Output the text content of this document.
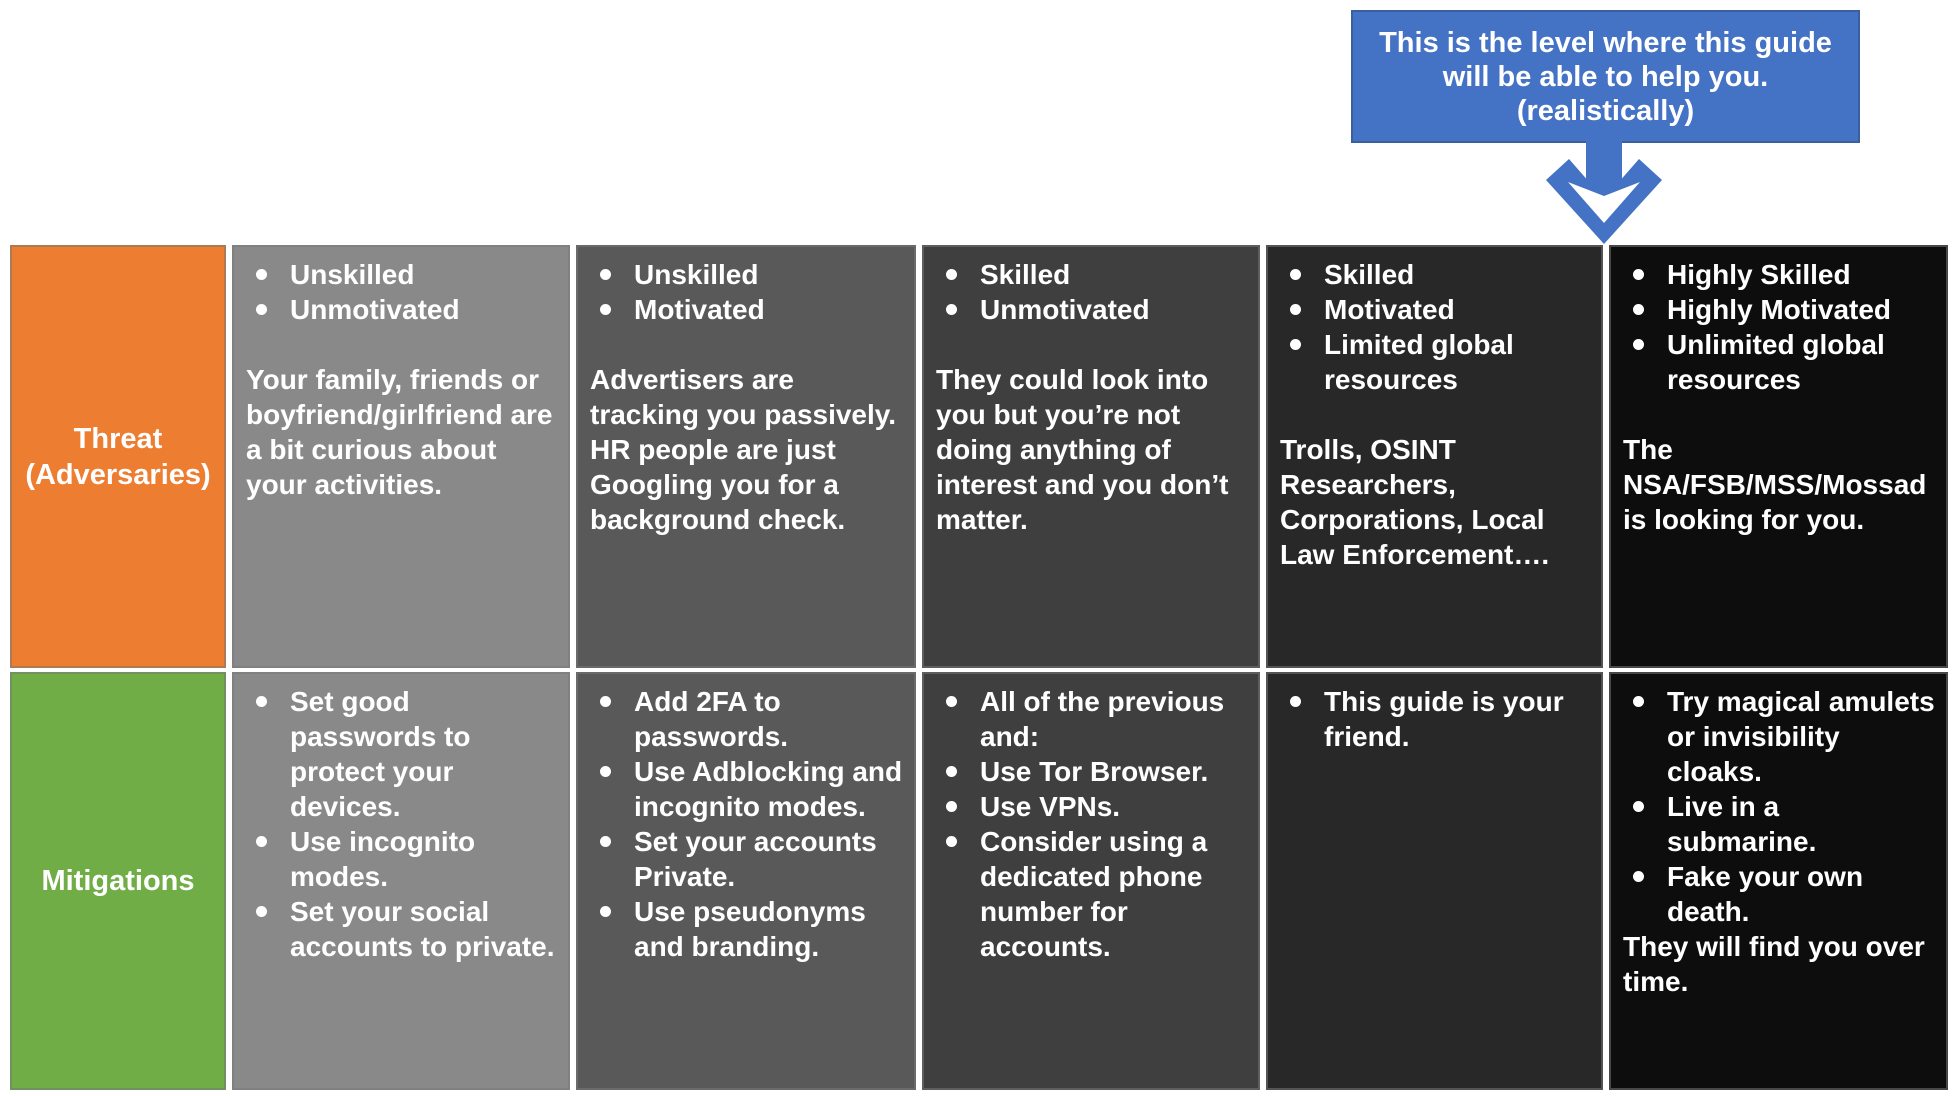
This is the level where this guide
will be able to help you.
(realistically)
Threat (Adversaries)
Unskilled
Unmotivated

Your family, friends or boyfriend/girlfriend are a bit curious about your activities.

Unskilled
Motivated

Advertisers are tracking you passively. HR people are just Googling you for a background check.

Skilled
Unmotivated

They could look into you but you’re not doing anything of interest and you don’t matter.

Skilled
Motivated
Limited global resources

Trolls, OSINT Researchers, Corporations, Local Law Enforcement….

Highly Skilled
Highly Motivated
Unlimited global resources

The NSA/FSB/MSS/Mossad is looking for you.

Mitigations
Set good passwords to protect your devices.
Use incognito modes.
Set your social accounts to private.
Add 2FA to passwords.
Use Adblocking and incognito modes.
Set your accounts Private.
Use pseudonyms and branding.
All of the previous and:
Use Tor Browser.
Use VPNs.
Consider using a dedicated phone number for accounts.
This guide is your friend.
Try magical amulets or invisibility cloaks.
Live in a submarine.
Fake your own death.

They will find you over time.
